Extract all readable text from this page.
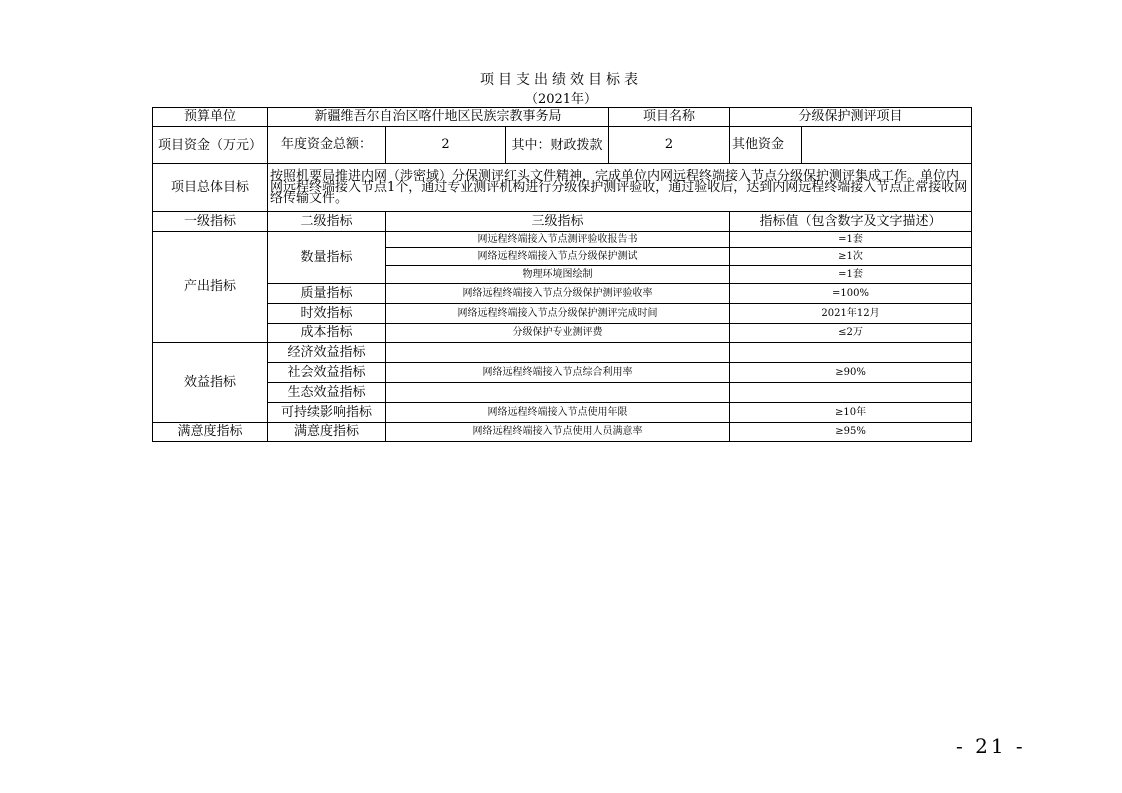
项目支出绩效目标表
（2021年）
预算单位	新疆维吾尔自治区喀什地区民族宗教事务局			项目名称	分级保护测评项目	
项目资金（万元）	年度资金总额：	2	其中：财政拨款	2	其他资金	
项目总体目标	按照机要局推进内网（涉密域）分保测评红头文件精神，完成单位内网远程终端接入节点分级保护测评集成工作。单位内网远程终端接入节点1个，通过专业测评机构进行分级保护测评验收，通过验收后，达到内网远程终端接入节点正常接收网络传输文件。					
一级指标	二级指标	三级指标			指标值（包含数字及文字描述）	
产出指标	数量指标	网远程终端接入节点测评验收报告书			=1套	
		网络远程终端接入节点分级保护测试			≥1次	
		物理环境图绘制			=1套	
	质量指标	网络远程终端接入节点分级保护测评验收率			=100%	
	时效指标	网络远程终端接入节点分级保护测评完成时间			2021年12月	
	成本指标	分级保护专业测评费			≤2万	
效益指标	经济效益指标					
	社会效益指标	网络远程终端接入节点综合利用率			≥90%	
	生态效益指标					
	可持续影响指标	网络远程终端接入节点使用年限			≥10年	
满意度指标	满意度指标	网络远程终端接入节点使用人员满意率			≥95%	
- 21 -
